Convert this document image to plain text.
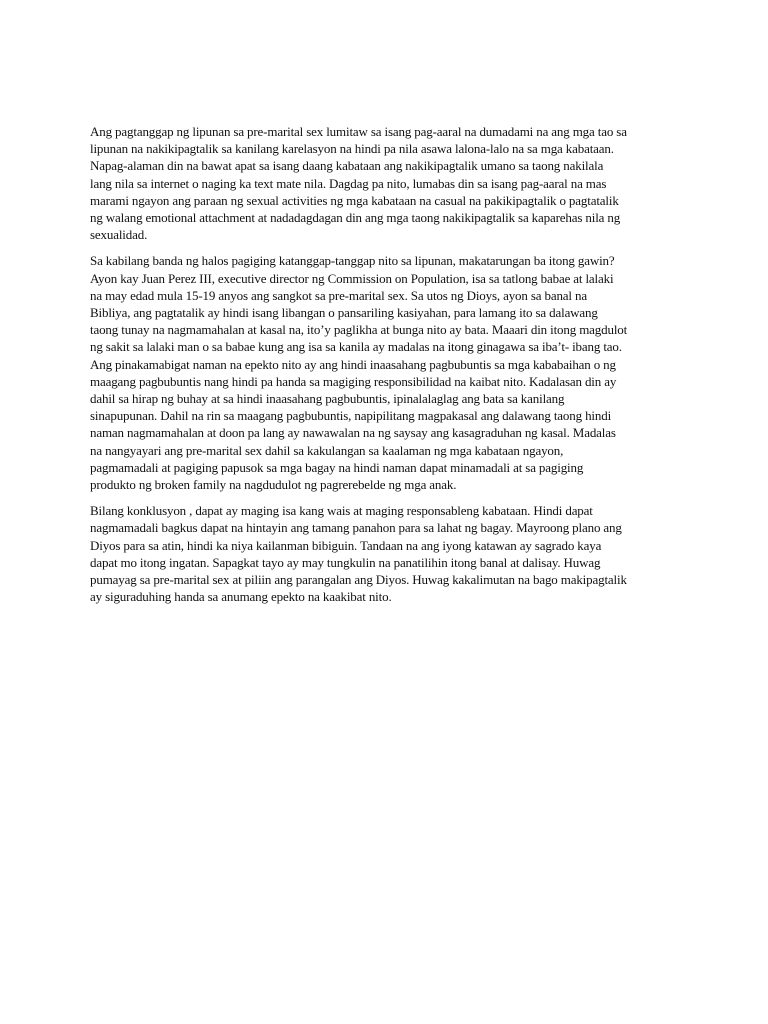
Ang pagtanggap ng lipunan sa pre-marital sex lumitaw sa isang pag-aaral na dumadami na ang mga tao sa
lipunan na nakikipagtalik sa kanilang karelasyon na hindi pa nila asawa lalona-lalo na sa mga kabataan.
Napag-alaman din na bawat apat sa isang daang kabataan ang nakikipagtalik umano sa taong nakilala
lang nila sa internet o naging ka text mate nila. Dagdag pa nito, lumabas din sa isang pag-aaral na mas
marami ngayon ang paraan ng sexual activities ng mga kabataan na casual na pakikipagtalik o pagtatalik
ng walang emotional attachment at nadadagdagan din ang mga taong nakikipagtalik sa kaparehas nila ng
sexualidad.

Sa kabilang banda ng halos pagiging katanggap-tanggap nito sa lipunan, makatarungan ba itong gawin?
Ayon kay Juan Perez III, executive director ng Commission on Population, isa sa tatlong babae at lalaki
na may edad mula 15-19 anyos ang sangkot sa pre-marital sex. Sa utos ng Dioys, ayon sa banal na
Bibliya, ang pagtatalik ay hindi isang libangan o pansariling kasiyahan, para lamang ito sa dalawang
taong tunay na nagmamahalan at kasal na, ito’y paglikha at bunga nito ay bata. Maaari din itong magdulot
ng sakit sa lalaki man o sa babae kung ang isa sa kanila ay madalas na itong ginagawa sa iba’t- ibang tao.
Ang pinakamabigat naman na epekto nito ay ang hindi inaasahang pagbubuntis sa mga kababaihan o ng
maagang pagbubuntis nang hindi pa handa sa magiging responsibilidad na kaibat nito. Kadalasan din ay
dahil sa hirap ng buhay at sa hindi inaasahang pagbubuntis, ipinalalaglag ang bata sa kanilang
sinapupunan. Dahil na rin sa maagang pagbubuntis, napipilitang magpakasal ang dalawang taong hindi
naman nagmamahalan at doon pa lang ay nawawalan na ng saysay ang kasagraduhan ng kasal. Madalas
na nangyayari ang pre-marital sex dahil sa kakulangan sa kaalaman ng mga kabataan ngayon,
pagmamadali at pagiging papusok sa mga bagay na hindi naman dapat minamadali at sa pagiging
produkto ng broken family na nagdudulot ng pagrerebelde ng mga anak.

Bilang konklusyon , dapat ay maging isa kang wais at maging responsableng kabataan. Hindi dapat
nagmamadali bagkus dapat na hintayin ang tamang panahon para sa lahat ng bagay. Mayroong plano ang
Diyos para sa atin, hindi ka niya kailanman bibiguin. Tandaan na ang iyong katawan ay sagrado kaya
dapat mo itong ingatan. Sapagkat tayo ay may tungkulin na panatilihin itong banal at dalisay. Huwag
pumayag sa pre-marital sex at piliin ang parangalan ang Diyos. Huwag kakalimutan na bago makipagtalik
ay siguraduhing handa sa anumang epekto na kaakibat nito.
